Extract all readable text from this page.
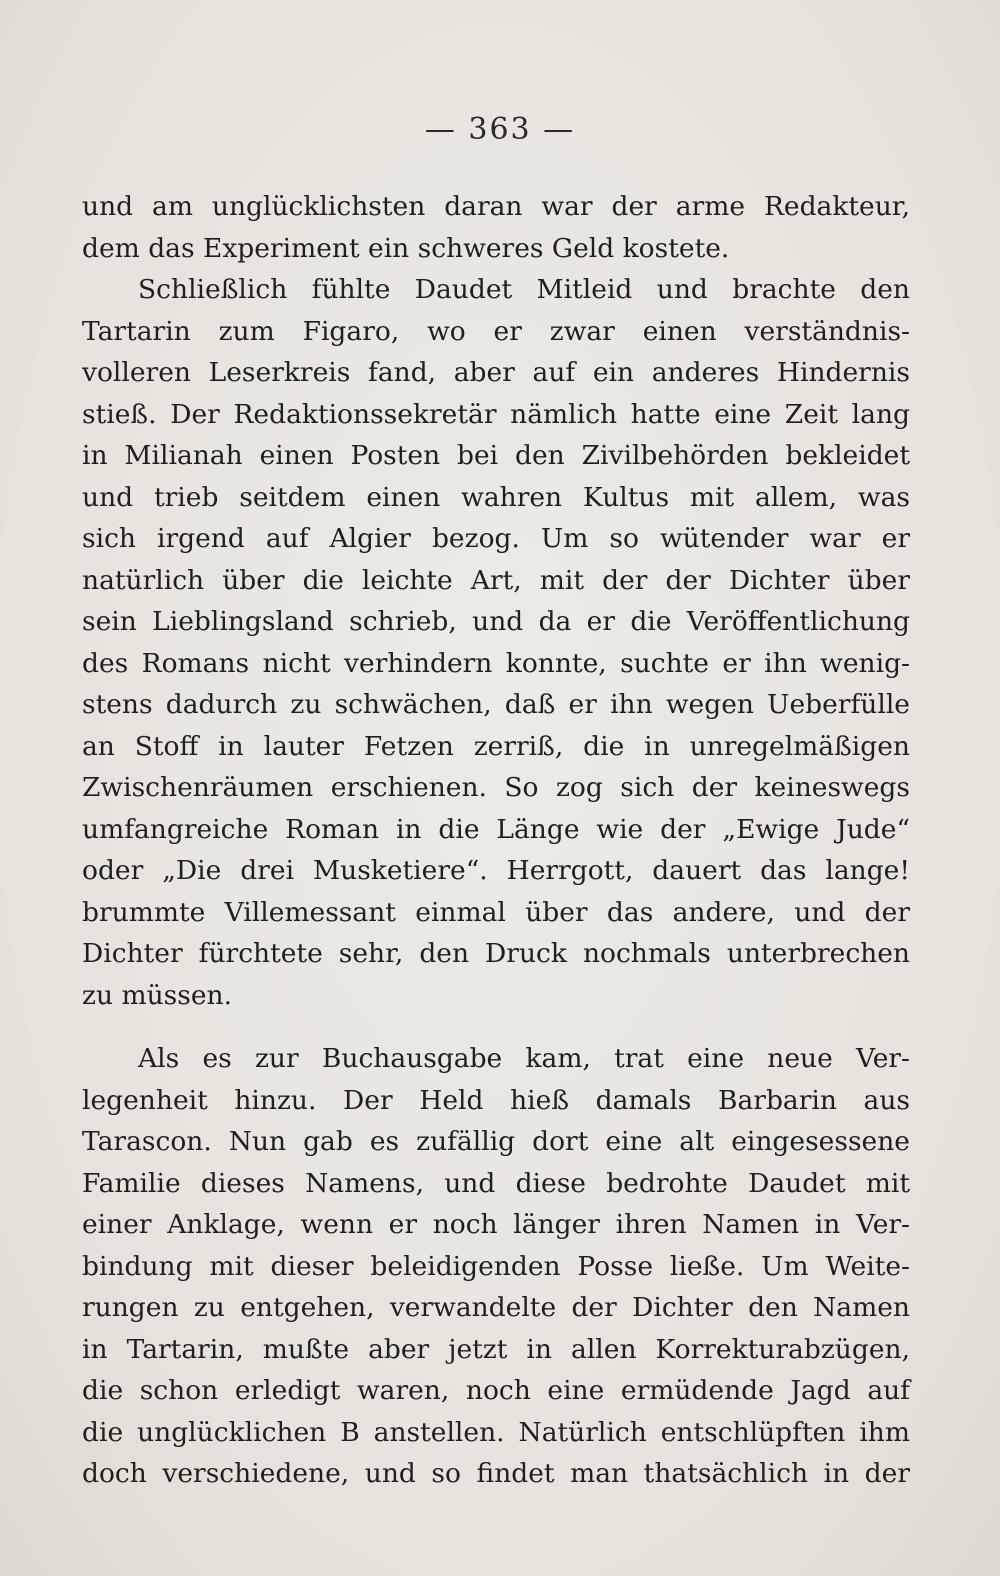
— 363 —
und am unglücklichsten daran war der arme Redakteur,
dem das Experiment ein schweres Geld kostete.
Schließlich fühlte Daudet Mitleid und brachte den
Tartarin zum Figaro, wo er zwar einen verständnis-
volleren Leserkreis fand, aber auf ein anderes Hindernis
stieß. Der Redaktionssekretär nämlich hatte eine Zeit lang
in Milianah einen Posten bei den Zivilbehörden bekleidet
und trieb seitdem einen wahren Kultus mit allem, was
sich irgend auf Algier bezog. Um so wütender war er
natürlich über die leichte Art, mit der der Dichter über
sein Lieblingsland schrieb, und da er die Veröffentlichung
des Romans nicht verhindern konnte, suchte er ihn wenig-
stens dadurch zu schwächen, daß er ihn wegen Ueberfülle
an Stoff in lauter Fetzen zerriß, die in unregelmäßigen
Zwischenräumen erschienen. So zog sich der keineswegs
umfangreiche Roman in die Länge wie der „Ewige Jude“
oder „Die drei Musketiere“. Herrgott, dauert das lange!
brummte Villemessant einmal über das andere, und der
Dichter fürchtete sehr, den Druck nochmals unterbrechen
zu müssen.
Als es zur Buchausgabe kam, trat eine neue Ver-
legenheit hinzu. Der Held hieß damals Barbarin aus
Tarascon. Nun gab es zufällig dort eine alt eingesessene
Familie dieses Namens, und diese bedrohte Daudet mit
einer Anklage, wenn er noch länger ihren Namen in Ver-
bindung mit dieser beleidigenden Posse ließe. Um Weite-
rungen zu entgehen, verwandelte der Dichter den Namen
in Tartarin, mußte aber jetzt in allen Korrekturabzügen,
die schon erledigt waren, noch eine ermüdende Jagd auf
die unglücklichen B anstellen. Natürlich entschlüpften ihm
doch verschiedene, und so findet man thatsächlich in der
